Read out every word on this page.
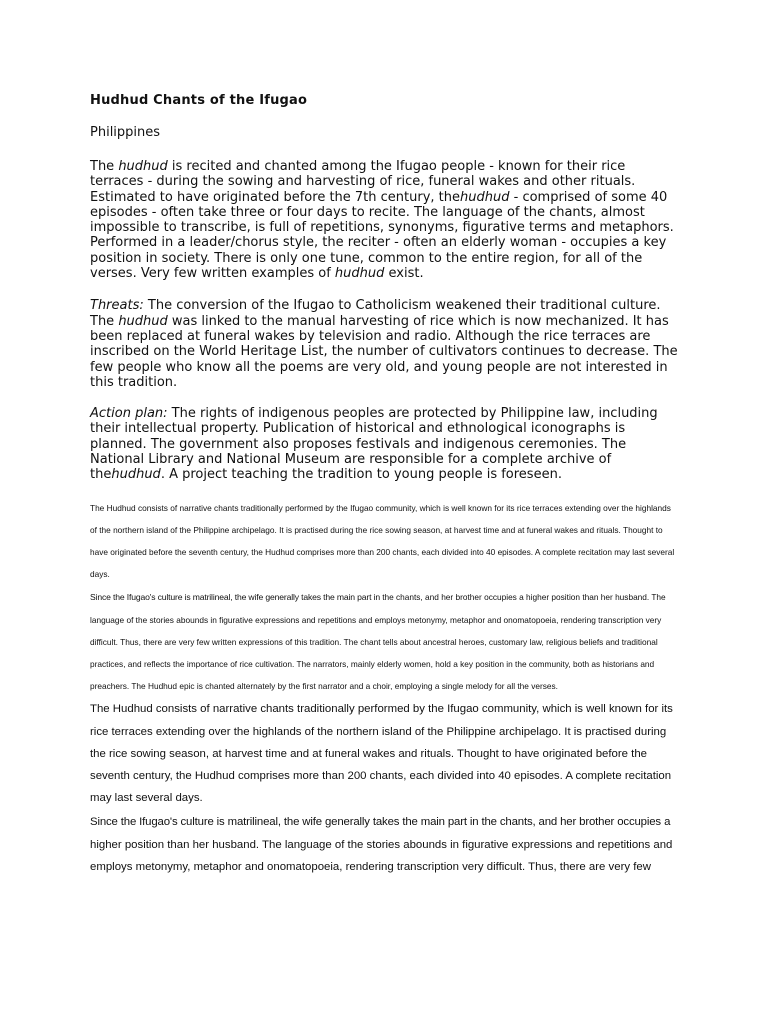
Hudhud Chants of the Ifugao

Philippines

The hudhud is recited and chanted among the Ifugao people - known for their rice terraces - during the sowing and harvesting of rice, funeral wakes and other rituals. Estimated to have originated before the 7th century, thehudhud - comprised of some 40 episodes - often take three or four days to recite. The language of the chants, almost impossible to transcribe, is full of repetitions, synonyms, figurative terms and metaphors. Performed in a leader/chorus style, the reciter - often an elderly woman - occupies a key position in society. There is only one tune, common to the entire region, for all of the verses. Very few written examples of hudhud exist.

Threats: The conversion of the Ifugao to Catholicism weakened their traditional culture. The hudhud was linked to the manual harvesting of rice which is now mechanized. It has been replaced at funeral wakes by television and radio. Although the rice terraces are inscribed on the World Heritage List, the number of cultivators continues to decrease. The few people who know all the poems are very old, and young people are not interested in this tradition.

Action plan: The rights of indigenous peoples are protected by Philippine law, including their intellectual property. Publication of historical and ethnological iconographs is planned. The government also proposes festivals and indigenous ceremonies. The National Library and National Museum are responsible for a complete archive of thehudhud. A project teaching the tradition to young people is foreseen.

The Hudhud consists of narrative chants traditionally performed by the Ifugao community, which is well known for its rice terraces extending over the highlands of the northern island of the Philippine archipelago. It is practised during the rice sowing season, at harvest time and at funeral wakes and rituals. Thought to have originated before the seventh century, the Hudhud comprises more than 200 chants, each divided into 40 episodes. A complete recitation may last several days.

Since the Ifugao's culture is matrilineal, the wife generally takes the main part in the chants, and her brother occupies a higher position than her husband. The language of the stories abounds in figurative expressions and repetitions and employs metonymy, metaphor and onomatopoeia, rendering transcription very difficult. Thus, there are very few written expressions of this tradition. The chant tells about ancestral heroes, customary law, religious beliefs and traditional practices, and reflects the importance of rice cultivation. The narrators, mainly elderly women, hold a key position in the community, both as historians and preachers. The Hudhud epic is chanted alternately by the first narrator and a choir, employing a single melody for all the verses.

The Hudhud consists of narrative chants traditionally performed by the Ifugao community, which is well known for its rice terraces extending over the highlands of the northern island of the Philippine archipelago. It is practised during the rice sowing season, at harvest time and at funeral wakes and rituals. Thought to have originated before the seventh century, the Hudhud comprises more than 200 chants, each divided into 40 episodes. A complete recitation may last several days.

Since the Ifugao's culture is matrilineal, the wife generally takes the main part in the chants, and her brother occupies a higher position than her husband. The language of the stories abounds in figurative expressions and repetitions and employs metonymy, metaphor and onomatopoeia, rendering transcription very difficult. Thus, there are very few
